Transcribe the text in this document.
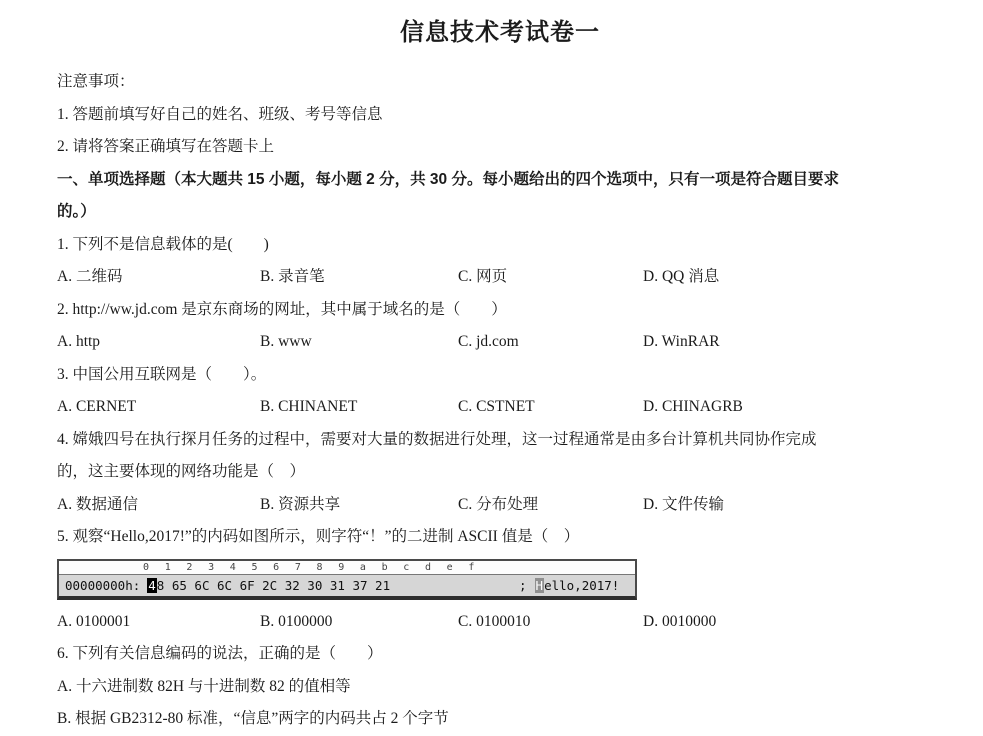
信息技术考试卷一
注意事项：
1. 答题前填写好自己的姓名、班级、考号等信息
2. 请将答案正确填写在答题卡上
一、单项选择题（本大题共 15 小题，每小题 2 分，共 30 分。每小题给出的四个选项中，只有一项是符合题目要求
的。）
1. 下列不是信息载体的是(　　)
A. 二维码	B. 录音笔	C. 网页	D. QQ 消息
2. http://ww.jd.com 是京东商场的网址，其中属于域名的是（　　）
A. http	B. www	C. jd.com	D. WinRAR
3. 中国公用互联网是（　　）。
A. CERNET	B. CHINANET	C. CSTNET	D. CHINAGRB
4. 嫦娥四号在执行探月任务的过程中，需要对大量的数据进行处理，这一过程通常是由多台计算机共同协作完成
的，这主要体现的网络功能是（　）
A. 数据通信	B. 资源共享	C. 分布处理	D. 文件传输
5. 观察“Hello,2017!”的内码如图所示，则字符“！”的二进制 ASCII 值是（　）
0	1	2	3	4	5	6	7	8	9	a	b	c	d	e	f
00000000h: 48 65 6C 6C 6F 2C 32 30 31 37 21	; Hello,2017!
A. 0100001	B. 0100000	C. 0100010	D. 0010000
6. 下列有关信息编码的说法，正确的是（　　）
A. 十六进制数 82H 与十进制数 82 的值相等
B. 根据 GB2312-80 标准，“信息”两字的内码共占 2 个字节
